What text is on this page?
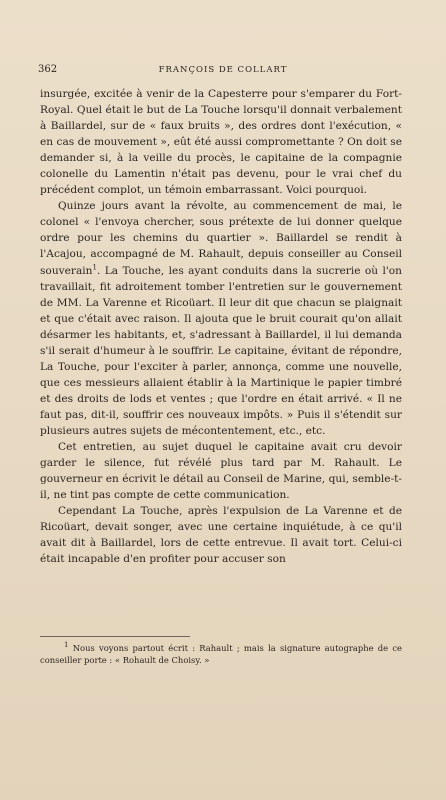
362	FRANÇOIS DE COLLART

insurgée, excitée à venir de la Capesterre pour s'emparer du Fort-Royal. Quel était le but de La Touche lorsqu'il donnait verbalement à Baillardel, sur de « faux bruits », des ordres dont l'exécution, « en cas de mouvement », eût été aussi compromettante ? On doit se demander si, à la veille du procès, le capitaine de la compagnie colonelle du Lamentin n'était pas devenu, pour le vrai chef du précédent complot, un témoin embarrassant. Voici pourquoi.

Quinze jours avant la révolte, au commencement de mai, le colonel « l'envoya chercher, sous prétexte de lui donner quelque ordre pour les chemins du quartier ». Baillardel se rendit à l'Acajou, accompagné de M. Rahault, depuis conseiller au Conseil souverain$^1$. La Touche, les ayant conduits dans la sucrerie où l'on travaillait, fit adroitement tomber l'entretien sur le gouvernement de MM. La Varenne et Ricoüart. Il leur dit que chacun se plaignait et que c'était avec raison. Il ajouta que le bruit courait qu'on allait désarmer les habitants, et, s'adressant à Baillardel, il lui demanda s'il serait d'humeur à le souffrir. Le capitaine, évitant de répondre, La Touche, pour l'exciter à parler, annonça, comme une nouvelle, que ces messieurs allaient établir à la Martinique le papier timbré et des droits de lods et ventes ; que l'ordre en était arrivé. « Il ne faut pas, dit-il, souffrir ces nouveaux impôts. » Puis il s'étendit sur plusieurs autres sujets de mécontentement, etc., etc.

Cet entretien, au sujet duquel le capitaine avait cru devoir garder le silence, fut révélé plus tard par M. Rahault. Le gouverneur en écrivit le détail au Conseil de Marine, qui, semble-t-il, ne tint pas compte de cette communication.

Cependant La Touche, après l'expulsion de La Varenne et de Ricoüart, devait songer, avec une certaine inquiétude, à ce qu'il avait dit à Baillardel, lors de cette entrevue. Il avait tort. Celui-ci était incapable d'en profiter pour accuser son

$^1$ Nous voyons partout écrit : Rahault ; mais la signature autographe de ce conseiller porte : « Rohault de Choisy. »
